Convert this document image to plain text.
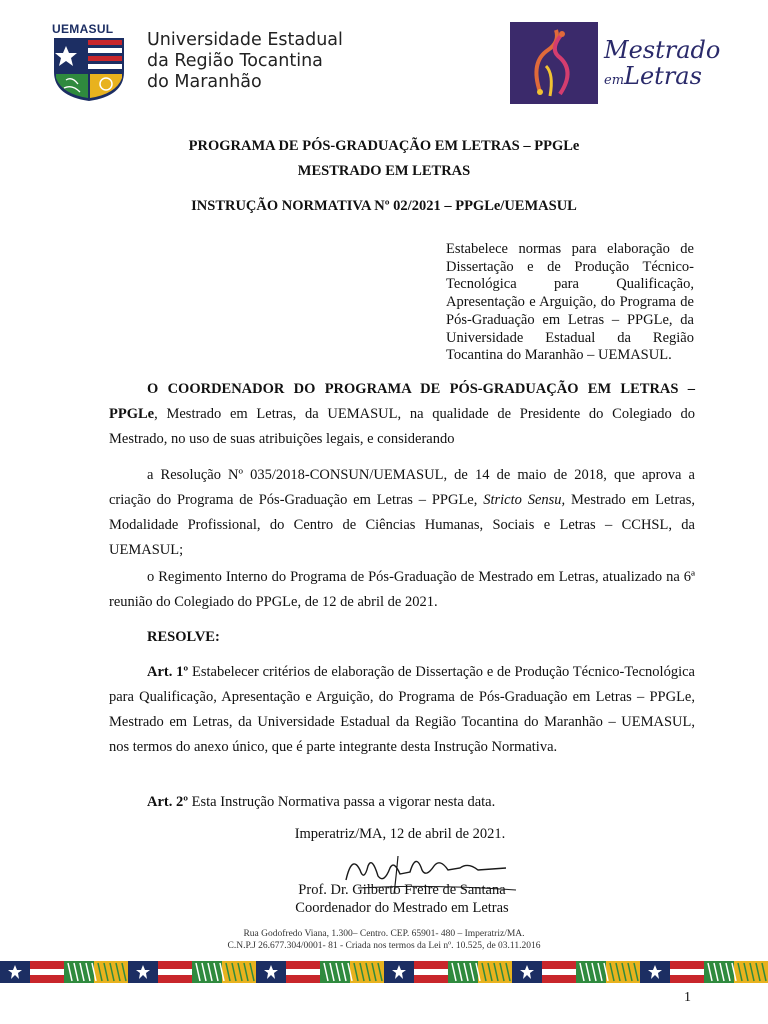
UEMASUL
Universidade Estadual
da Região Tocantina
do Maranhão
Mestrado
emLetras
PROGRAMA DE PÓS-GRADUAÇÃO EM LETRAS – PPGLe
MESTRADO EM LETRAS
INSTRUÇÃO NORMATIVA Nº 02/2021 – PPGLe/UEMASUL
Estabelece normas para elaboração de Dissertação e de Produção Técnico-Tecnológica para Qualificação, Apresentação e Arguição, do Programa de Pós-Graduação em Letras – PPGLe, da Universidade Estadual da Região Tocantina do Maranhão – UEMASUL.
O COORDENADOR DO PROGRAMA DE PÓS-GRADUAÇÃO EM LETRAS – PPGLe, Mestrado em Letras, da UEMASUL, na qualidade de Presidente do Colegiado do Mestrado, no uso de suas atribuições legais, e considerando
a Resolução Nº 035/2018-CONSUN/UEMASUL, de 14 de maio de 2018, que aprova a criação do Programa de Pós-Graduação em Letras – PPGLe, Stricto Sensu, Mestrado em Letras, Modalidade Profissional, do Centro de Ciências Humanas, Sociais e Letras – CCHSL, da UEMASUL;
o Regimento Interno do Programa de Pós-Graduação de Mestrado em Letras, atualizado na 6ª reunião do Colegiado do PPGLe, de 12 de abril de 2021.
RESOLVE:
Art. 1º Estabelecer critérios de elaboração de Dissertação e de Produção Técnico-Tecnológica para Qualificação, Apresentação e Arguição, do Programa de Pós-Graduação em Letras – PPGLe, Mestrado em Letras, da Universidade Estadual da Região Tocantina do Maranhão – UEMASUL, nos termos do anexo único, que é parte integrante desta Instrução Normativa.
Art. 2º Esta Instrução Normativa passa a vigorar nesta data.
Imperatriz/MA, 12 de abril de 2021.
Prof. Dr. Gilberto Freire de Santana
Coordenador do Mestrado em Letras
Rua Godofredo Viana, 1.300– Centro. CEP. 65901- 480 – Imperatriz/MA.
C.N.P.J 26.677.304/0001- 81 - Criada nos termos da Lei nº. 10.525, de 03.11.2016
1
